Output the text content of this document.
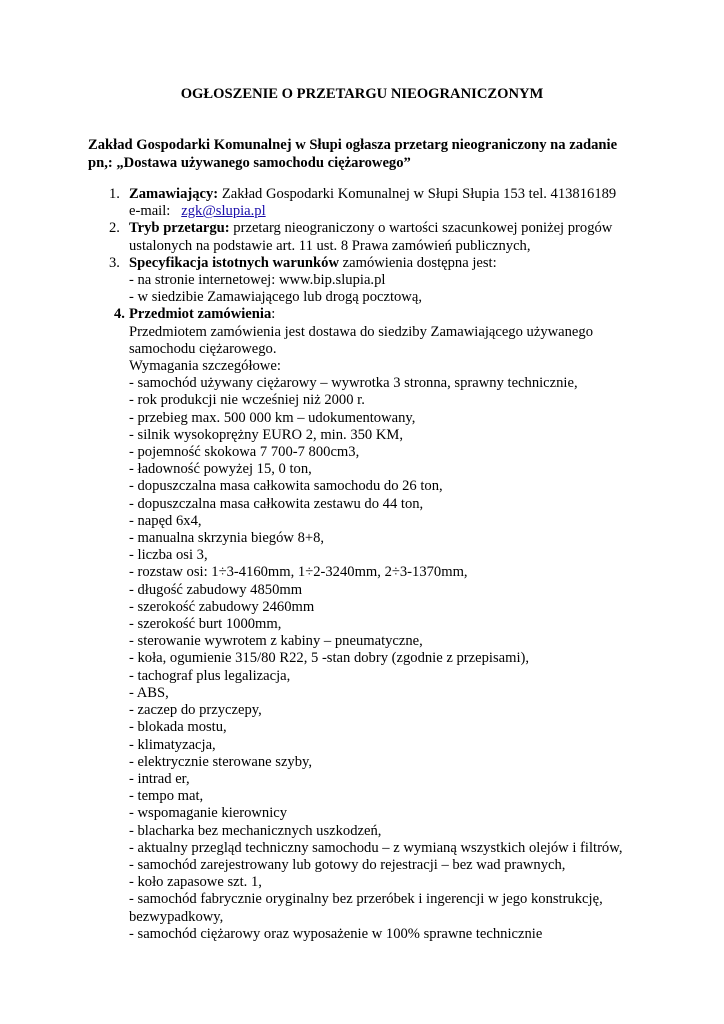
OGŁOSZENIE O PRZETARGU NIEOGRANICZONYM
Zakład Gospodarki Komunalnej w Słupi ogłasza przetarg nieograniczony na zadanie
pn,: „Dostawa używanego samochodu ciężarowego”
1. Zamawiający: Zakład Gospodarki Komunalnej w Słupi Słupia 153 tel. 413816189
e-mail:   zgk@slupia.pl
2. Tryb przetargu: przetarg nieograniczony o wartości szacunkowej poniżej progów
ustalonych na podstawie art. 11 ust. 8 Prawa zamówień publicznych,
3. Specyfikacja istotnych warunków zamówienia dostępna jest:
- na stronie internetowej: www.bip.slupia.pl
- w siedzibie Zamawiającego lub drogą pocztową,
4. Przedmiot zamówienia:
Przedmiotem zamówienia jest dostawa do siedziby Zamawiającego używanego
samochodu ciężarowego.
Wymagania szczegółowe:
- samochód używany ciężarowy – wywrotka 3 stronna, sprawny technicznie,
- rok produkcji nie wcześniej niż 2000 r.
- przebieg max. 500 000 km – udokumentowany,
- silnik wysokoprężny EURO 2, min. 350 KM,
- pojemność skokowa 7 700-7 800cm3,
- ładowność powyżej 15, 0 ton,
- dopuszczalna masa całkowita samochodu do 26 ton,
- dopuszczalna masa całkowita zestawu do 44 ton,
- napęd 6x4,
- manualna skrzynia biegów 8+8,
- liczba osi 3,
- rozstaw osi: 1÷3-4160mm, 1÷2-3240mm, 2÷3-1370mm,
- długość zabudowy 4850mm
- szerokość zabudowy 2460mm
- szerokość burt 1000mm,
- sterowanie wywrotem z kabiny – pneumatyczne,
- koła, ogumienie 315/80 R22, 5 -stan dobry (zgodnie z przepisami),
- tachograf plus legalizacja,
- ABS,
- zaczep do przyczepy,
- blokada mostu,
- klimatyzacja,
- elektrycznie sterowane szyby,
- intrad er,
- tempo mat,
- wspomaganie kierownicy
- blacharka bez mechanicznych uszkodzeń,
- aktualny przegląd techniczny samochodu – z wymianą wszystkich olejów i filtrów,
- samochód zarejestrowany lub gotowy do rejestracji – bez wad prawnych,
- koło zapasowe szt. 1,
- samochód fabrycznie oryginalny bez przeróbek i ingerencji w jego konstrukcję,
bezwypadkowy,
- samochód ciężarowy oraz wyposażenie w 100% sprawne technicznie
